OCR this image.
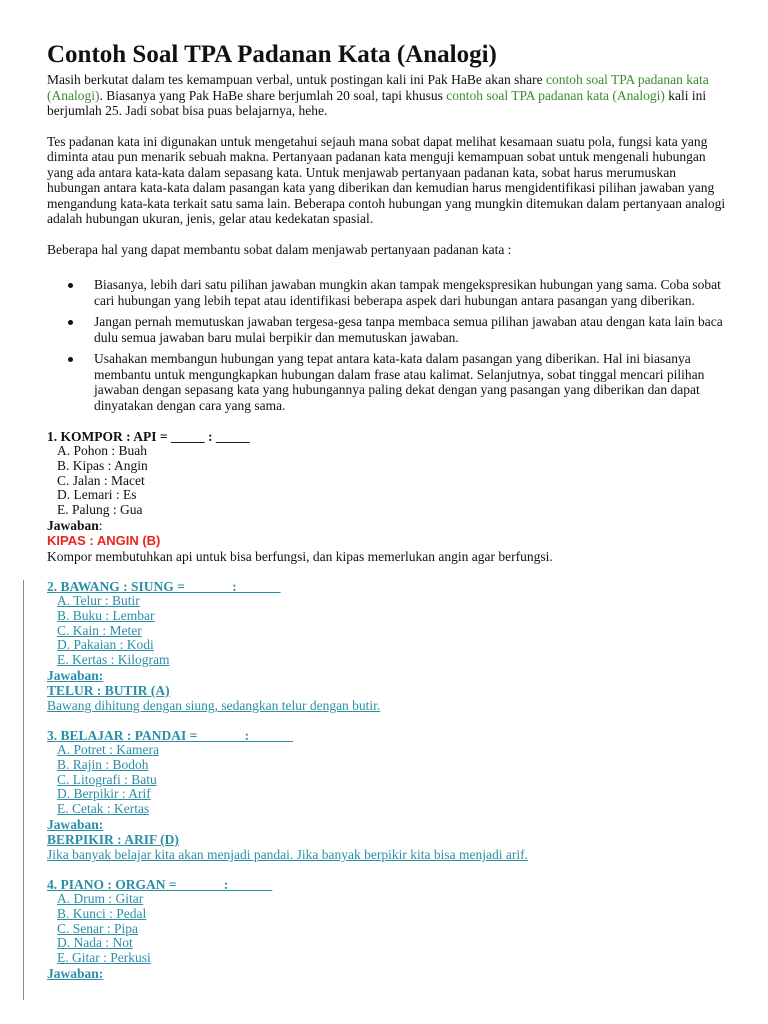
Contoh Soal TPA Padanan Kata (Analogi)

Masih berkutat dalam tes kemampuan verbal, untuk postingan kali ini Pak HaBe akan share contoh soal TPA padanan kata (Analogi). Biasanya yang Pak HaBe share berjumlah 20 soal, tapi khusus contoh soal TPA padanan kata (Analogi) kali ini berjumlah 25. Jadi sobat bisa puas belajarnya, hehe.

Tes padanan kata ini digunakan untuk mengetahui sejauh mana sobat dapat melihat kesamaan suatu pola, fungsi kata yang diminta atau pun menarik sebuah makna. Pertanyaan padanan kata menguji kemampuan sobat untuk mengenali hubungan yang ada antara kata-kata dalam sepasang kata. Untuk menjawab pertanyaan padanan kata, sobat harus merumuskan hubungan antara kata-kata dalam pasangan kata yang diberikan dan kemudian harus mengidentifikasi pilihan jawaban yang mengandung kata-kata terkait satu sama lain. Beberapa contoh hubungan yang mungkin ditemukan dalam pertanyaan analogi adalah hubungan ukuran, jenis, gelar atau kedekatan spasial.

Beberapa hal yang dapat membantu sobat dalam menjawab pertanyaan padanan kata :

Biasanya, lebih dari satu pilihan jawaban mungkin akan tampak mengekspresikan hubungan yang sama. Coba sobat cari hubungan yang lebih tepat atau identifikasi beberapa aspek dari hubungan antara pasangan yang diberikan.
Jangan pernah memutuskan jawaban tergesa-gesa tanpa membaca semua pilihan jawaban atau dengan kata lain baca dulu semua jawaban baru mulai berpikir dan memutuskan jawaban.
Usahakan membangun hubungan yang tepat antara kata-kata dalam pasangan yang diberikan. Hal ini biasanya membantu untuk mengungkapkan hubungan dalam frase atau kalimat. Selanjutnya, sobat tinggal mencari pilihan jawaban dengan sepasang kata yang hubungannya paling dekat dengan yang pasangan yang diberikan dan dapat dinyatakan dengan cara yang sama.
1. KOMPOR : API = _____ : _____
A. Pohon : Buah
B. Kipas : Angin
C. Jalan : Macet
D. Lemari : Es
E. Palung : Gua
Jawaban:
KIPAS : ANGIN (B)
Kompor membutuhkan api untuk bisa berfungsi, dan kipas memerlukan angin agar berfungsi.
2. BAWANG : SIUNG = ______ : ______
A. Telur : Butir
B. Buku : Lembar
C. Kain : Meter
D. Pakaian : Kodi
E. Kertas : Kilogram
Jawaban:
TELUR : BUTIR (A)
Bawang dihitung dengan siung, sedangkan telur dengan butir.
3. BELAJAR : PANDAI = ______ : ______
A. Potret : Kamera
B. Rajin : Bodoh
C. Litografi : Batu
D. Berpikir : Arif
E. Cetak : Kertas
Jawaban:
BERPIKIR : ARIF (D)
Jika banyak belajar kita akan menjadi pandai. Jika banyak berpikir kita bisa menjadi arif.
4. PIANO : ORGAN = ______ : ______
A. Drum : Gitar
B. Kunci : Pedal
C. Senar : Pipa
D. Nada : Not
E. Gitar : Perkusi
Jawaban:
